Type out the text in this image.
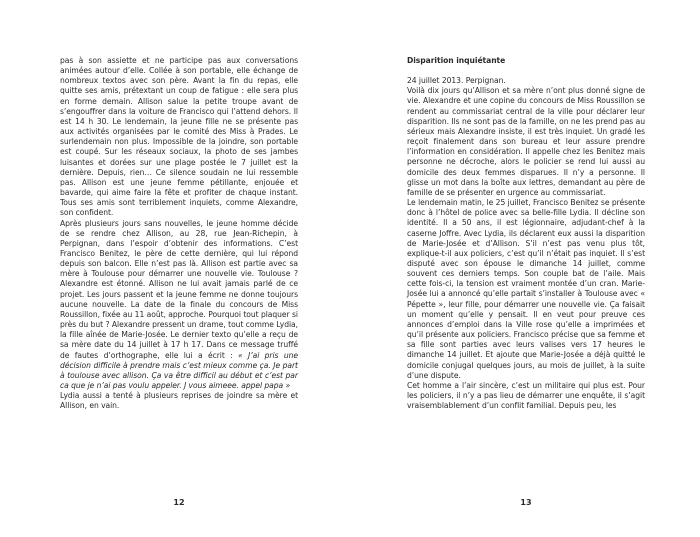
pas à son assiette et ne participe pas aux conversations animées autour d’elle. Collée à son portable, elle échange de nombreux textos avec son père. Avant la fin du repas, elle quitte ses amis, prétextant un coup de fatigue : elle sera plus en forme demain. Allison salue la petite troupe avant de s’engouffrer dans la voiture de Francisco qui l’attend dehors. Il est 14 h 30. Le lendemain, la jeune fille ne se présente pas aux activités organisées par le comité des Miss à Prades. Le surlendemain non plus. Impossible de la joindre, son portable est coupé. Sur les réseaux sociaux, la photo de ses jambes luisantes et dorées sur une plage postée le 7 juillet est la dernière. Depuis, rien… Ce silence soudain ne lui ressemble pas. Allison est une jeune femme pétillante, enjouée et bavarde, qui aime faire la fête et profiter de chaque instant. Tous ses amis sont terriblement inquiets, comme Alexandre, son confident.

Après plusieurs jours sans nouvelles, le jeune homme décide de se rendre chez Allison, au 28, rue Jean-Richepin, à Perpignan, dans l’espoir d’obtenir des informations. C’est Francisco Benitez, le père de cette dernière, qui lui répond depuis son balcon. Elle n’est pas là. Allison est partie avec sa mère à Toulouse pour démarrer une nouvelle vie. Toulouse ? Alexandre est étonné. Allison ne lui avait jamais parlé de ce projet. Les jours passent et la jeune femme ne donne toujours aucune nouvelle. La date de la finale du concours de Miss Roussillon, fixée au 11 août, approche. Pourquoi tout plaquer si près du but ? Alexandre pressent un drame, tout comme Lydia, la fille aînée de Marie-Josée. Le dernier texto qu’elle a reçu de sa mère date du 14 juillet à 17 h 17. Dans ce message truffé de fautes d’orthographe, elle lui a écrit : « J’ai pris une décision difficile à prendre mais c’est mieux comme ça. Je part à toulouse avec allison. Ça va être difficil au début et c’est par ca que je n’ai pas voulu appeler. J vous aimeee. appel papa »

Lydia aussi a tenté à plusieurs reprises de joindre sa mère et Allison, en vain.

12

Disparition inquiétante

24 juillet 2013. Perpignan.

Voilà dix jours qu’Allison et sa mère n’ont plus donné signe de vie. Alexandre et une copine du concours de Miss Roussillon se rendent au commissariat central de la ville pour déclarer leur disparition. Ils ne sont pas de la famille, on ne les prend pas au sérieux mais Alexandre insiste, il est très inquiet. Un gradé les reçoit finalement dans son bureau et leur assure prendre l’information en considération. Il appelle chez les Benitez mais personne ne décroche, alors le policier se rend lui aussi au domicile des deux femmes disparues. Il n’y a personne. Il glisse un mot dans la boîte aux lettres, demandant au père de famille de se présenter en urgence au commissariat.

Le lendemain matin, le 25 juillet, Francisco Benitez se présente donc à l’hôtel de police avec sa belle-fille Lydia. Il décline son identité. Il a 50 ans, il est légionnaire, adjudant-chef à la caserne Joffre. Avec Lydia, ils déclarent eux aussi la disparition de Marie-Josée et d’Allison. S’il n’est pas venu plus tôt, explique-t-il aux policiers, c’est qu’il n’était pas inquiet. Il s’est disputé avec son épouse le dimanche 14 juillet, comme souvent ces derniers temps. Son couple bat de l’aile. Mais cette fois-ci, la tension est vraiment montée d’un cran. Marie-Josée lui a annoncé qu’elle partait s’installer à Toulouse avec « Pépette », leur fille, pour démarrer une nouvelle vie. Ça faisait un moment qu’elle y pensait. Il en veut pour preuve ces annonces d’emploi dans la Ville rose qu’elle a imprimées et qu’il présente aux policiers. Francisco précise que sa femme et sa fille sont parties avec leurs valises vers 17 heures le dimanche 14 juillet. Et ajoute que Marie-Josée a déjà quitté le domicile conjugal quelques jours, au mois de juillet, à la suite d’une dispute.

Cet homme a l’air sincère, c’est un militaire qui plus est. Pour les policiers, il n’y a pas lieu de démarrer une enquête, il s’agit vraisemblablement d’un conflit familial. Depuis peu, les

13
